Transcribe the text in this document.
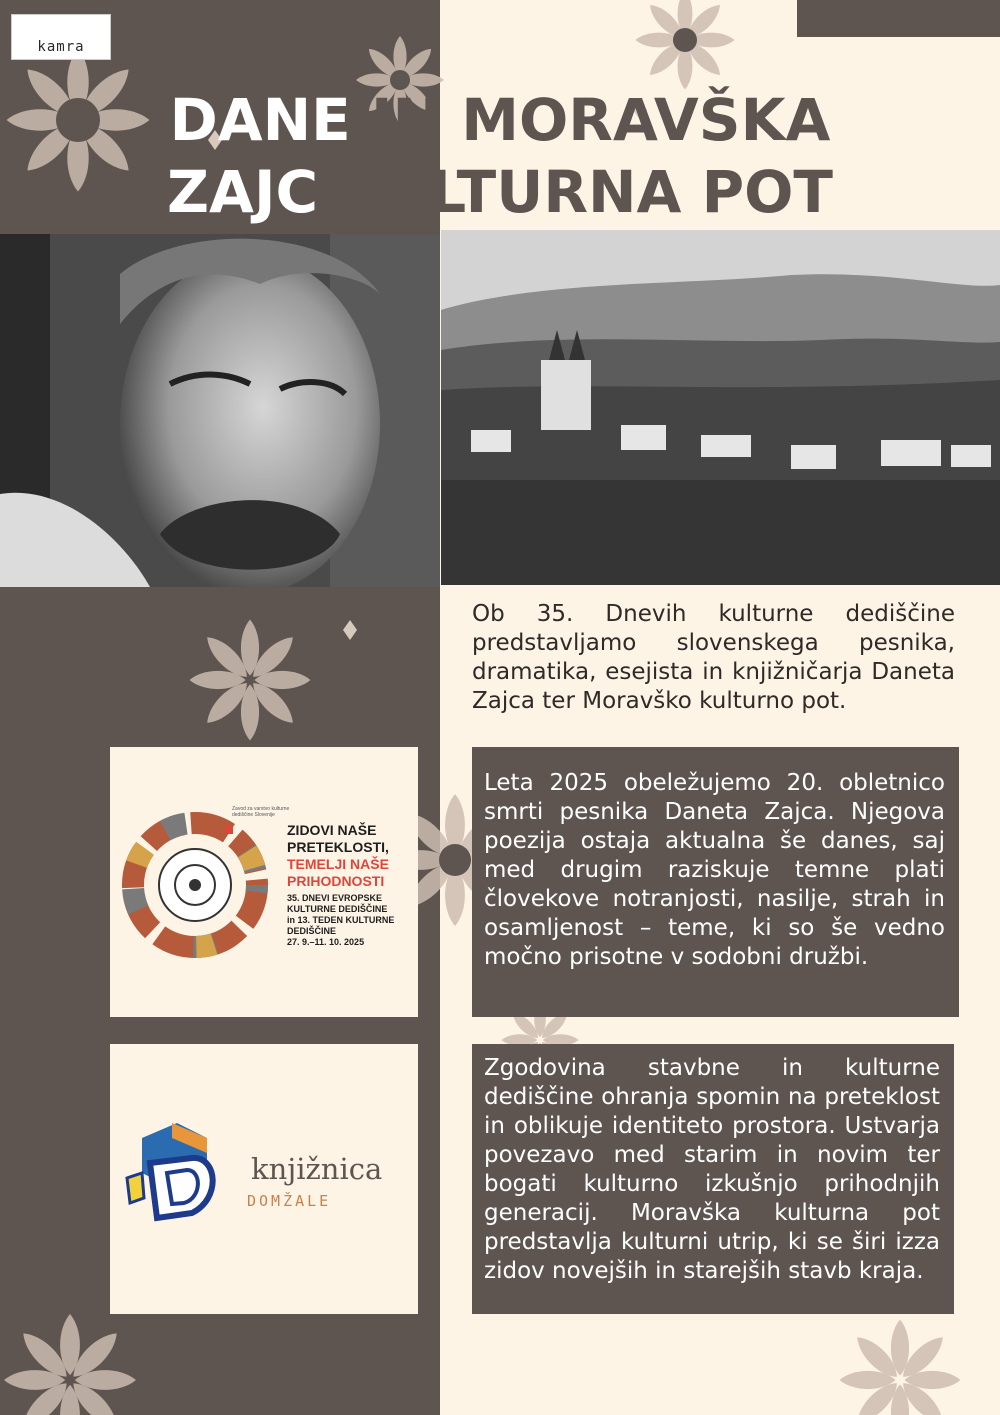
kamra
DANE IN MORAVŠKA
ZAJC KULTURNA POT
Ob 35. Dnevih kulturne dediščine predstavljamo slovenskega pesnika, dramatika, esejista in knjižničarja Daneta Zajca ter Moravško kulturno pot.
Leta 2025 obeležujemo 20. obletnico smrti pesnika Daneta Zajca. Njegova poezija ostaja aktualna še danes, saj med drugim raziskuje temne plati človekove notranjosti, nasilje, strah in osamljenost – teme, ki so še vedno močno prisotne v sodobni družbi.
Zavod za varstvo kulturne dediščine Slovenije
ZIDOVI NAŠE
PRETEKLOSTI,
TEMELJI NAŠE
PRIHODNOSTI
35. DNEVI EVROPSKE
KULTURNE DEDIŠČINE
in 13. TEDEN KULTURNE
DEDIŠČINE
27. 9.–11. 10. 2025
knjižnica
DOMŽALE
Zgodovina stavbne in kulturne dediščine ohranja spomin na preteklost in oblikuje identiteto prostora. Ustvarja povezavo med starim in novim ter bogati kulturno izkušnjo prihodnjih generacij. Moravška kulturna pot predstavlja kulturni utrip, ki se širi izza zidov novejših in starejših stavb kraja.
